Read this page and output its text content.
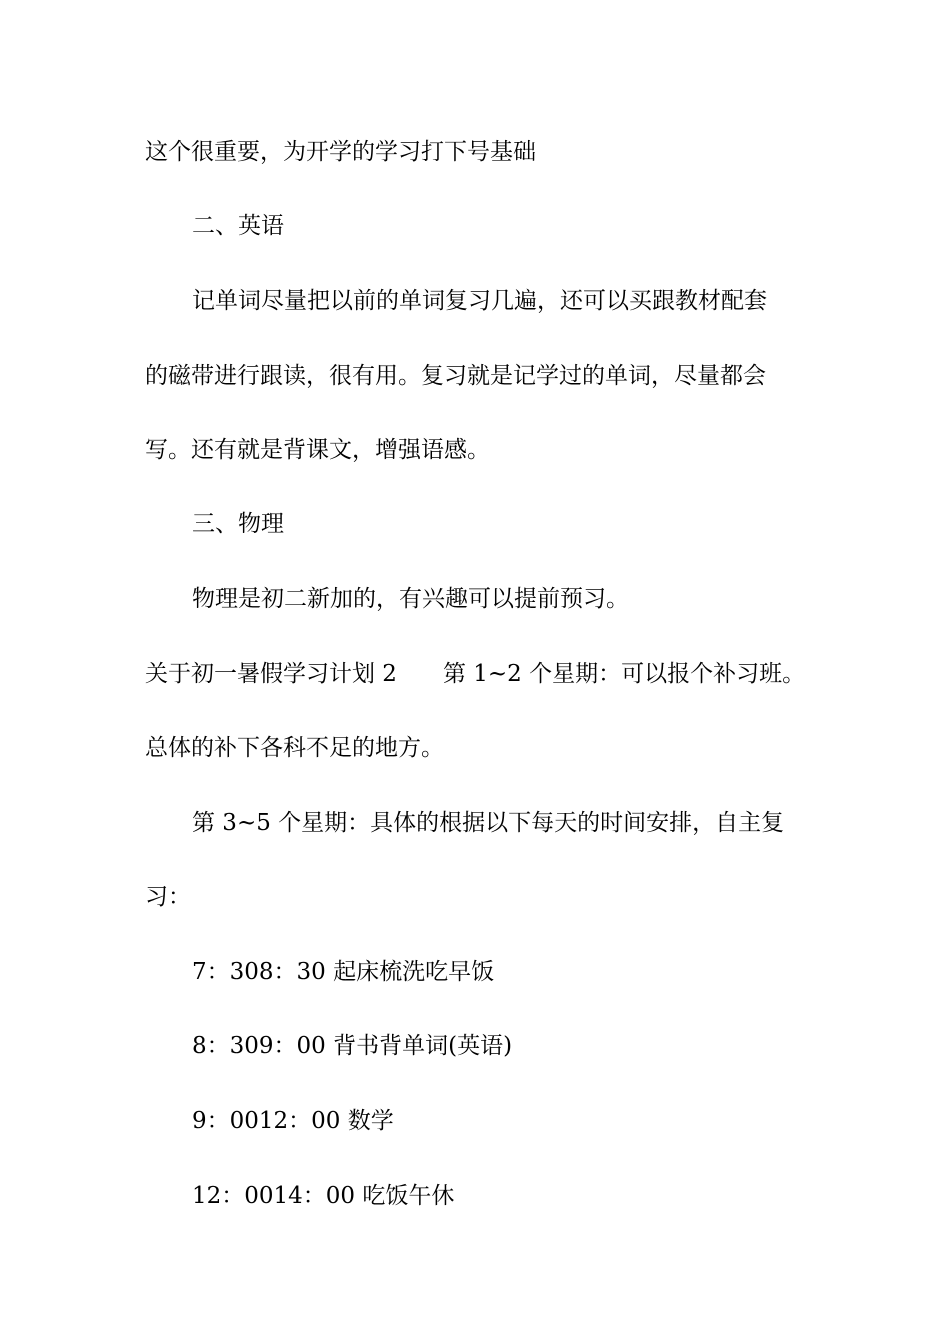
这个很重要，为开学的学习打下号基础
二、英语
记单词尽量把以前的单词复习几遍，还可以买跟教材配套
的磁带进行跟读，很有用。复习就是记学过的单词，尽量都会
写。还有就是背课文，增强语感。
三、物理
物理是初二新加的，有兴趣可以提前预习。
关于初一暑假学习计划 2 第 1~2 个星期：可以报个补习班。
总体的补下各科不足的地方。
第 3~5 个星期：具体的根据以下每天的时间安排，自主复
习：
7：308：30 起床梳洗吃早饭
8：309：00 背书背单词(英语)
9：0012：00 数学
12：0014：00 吃饭午休
